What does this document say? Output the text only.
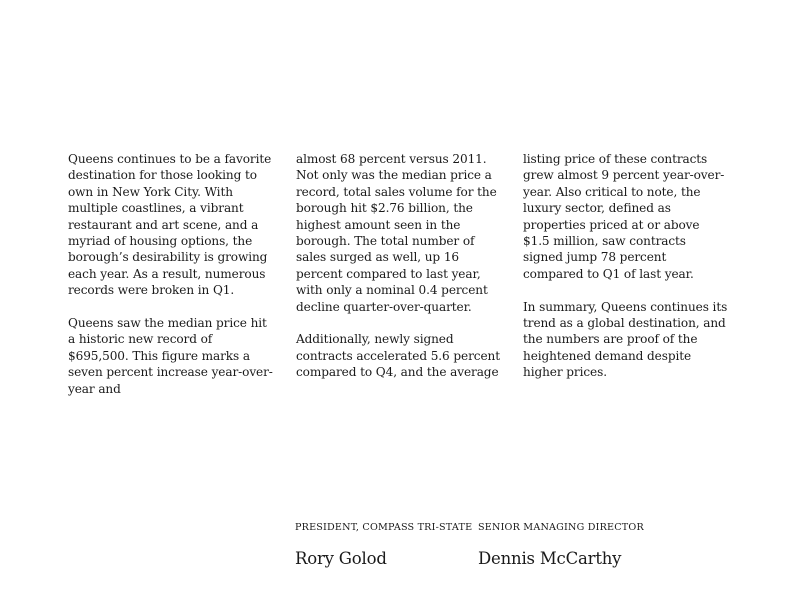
Queens continues to be a favorite destination for those looking to own in New York City. With multiple coastlines, a vibrant restaurant and art scene, and a myriad of housing options, the borough’s desirability is growing each year. As a result, numerous records were broken in Q1.

Queens saw the median price hit a historic new record of $695,500. This figure marks a seven percent increase year-over-year and

almost 68 percent versus 2011. Not only was the median price a record, total sales volume for the borough hit $2.76 billion, the highest amount seen in the borough. The total number of sales surged as well, up 16 percent compared to last year, with only a nominal 0.4 percent decline quarter-over-quarter.

Additionally, newly signed contracts accelerated 5.6 percent compared to Q4, and the average

listing price of these contracts grew almost 9 percent year-over-year. Also critical to note, the luxury sector, defined as properties priced at or above $1.5 million, saw contracts signed jump 78 percent compared to Q1 of last year.

In summary, Queens continues its trend as a global destination, and the numbers are proof of the heightened demand despite higher prices.

PRESIDENT, COMPASS TRI-STATE
Rory Golod
SENIOR MANAGING DIRECTOR
Dennis McCarthy
